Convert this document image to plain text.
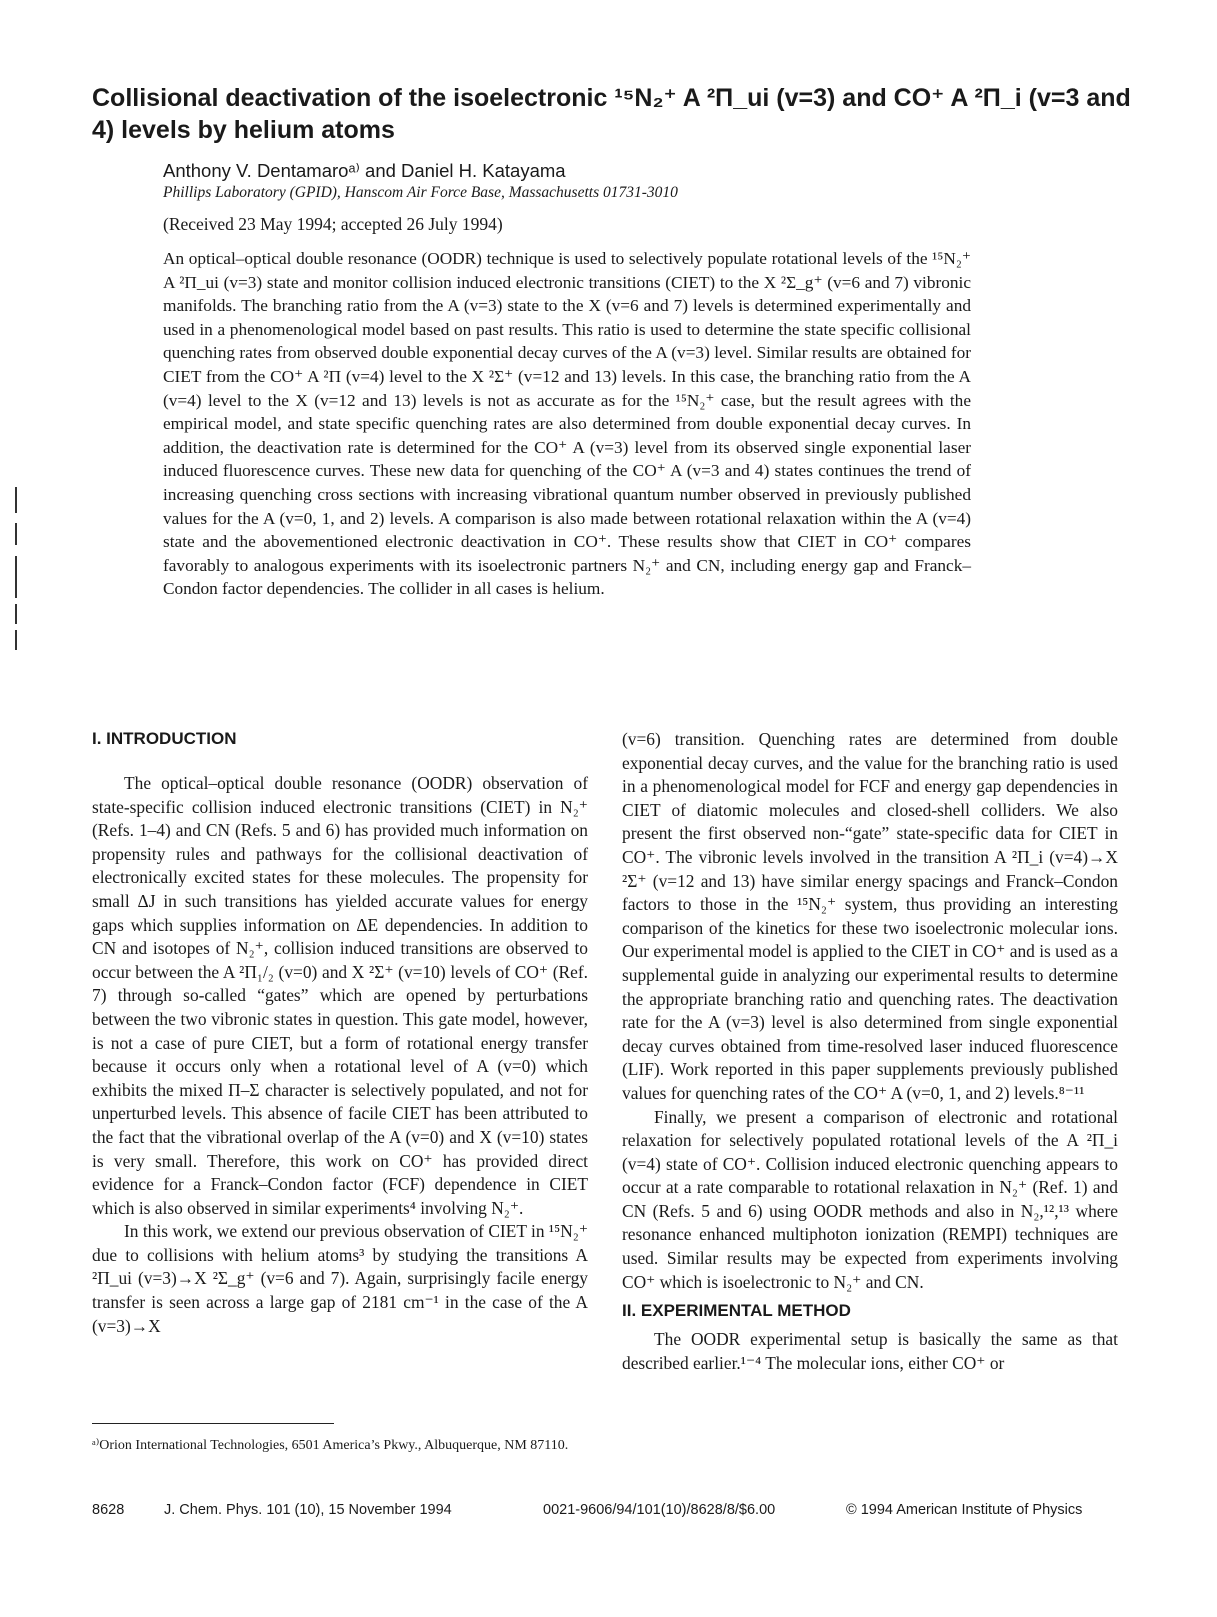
Collisional deactivation of the isoelectronic ¹⁵N₂⁺ A ²Π_ui (v=3) and CO⁺ A ²Π_i (v=3 and 4) levels by helium atoms
Anthony V. Dentamaroᵃ⁾ and Daniel H. Katayama
Phillips Laboratory (GPID), Hanscom Air Force Base, Massachusetts 01731-3010
(Received 23 May 1994; accepted 26 July 1994)
An optical–optical double resonance (OODR) technique is used to selectively populate rotational levels of the ¹⁵N₂⁺ A ²Π_ui (v=3) state and monitor collision induced electronic transitions (CIET) to the X ²Σ_g⁺ (v=6 and 7) vibronic manifolds. The branching ratio from the A (v=3) state to the X (v=6 and 7) levels is determined experimentally and used in a phenomenological model based on past results. This ratio is used to determine the state specific collisional quenching rates from observed double exponential decay curves of the A (v=3) level. Similar results are obtained for CIET from the CO⁺ A ²Π (v=4) level to the X ²Σ⁺ (v=12 and 13) levels. In this case, the branching ratio from the A (v=4) level to the X (v=12 and 13) levels is not as accurate as for the ¹⁵N₂⁺ case, but the result agrees with the empirical model, and state specific quenching rates are also determined from double exponential decay curves. In addition, the deactivation rate is determined for the CO⁺ A (v=3) level from its observed single exponential laser induced fluorescence curves. These new data for quenching of the CO⁺ A (v=3 and 4) states continues the trend of increasing quenching cross sections with increasing vibrational quantum number observed in previously published values for the A (v=0, 1, and 2) levels. A comparison is also made between rotational relaxation within the A (v=4) state and the abovementioned electronic deactivation in CO⁺. These results show that CIET in CO⁺ compares favorably to analogous experiments with its isoelectronic partners N₂⁺ and CN, including energy gap and Franck–Condon factor dependencies. The collider in all cases is helium.
I. INTRODUCTION

The optical–optical double resonance (OODR) observation of state-specific collision induced electronic transitions (CIET) in N₂⁺ (Refs. 1–4) and CN (Refs. 5 and 6) has provided much information on propensity rules and pathways for the collisional deactivation of electronically excited states for these molecules. The propensity for small ΔJ in such transitions has yielded accurate values for energy gaps which supplies information on ΔE dependencies. In addition to CN and isotopes of N₂⁺, collision induced transitions are observed to occur between the A ²Π₁/₂ (v=0) and X ²Σ⁺ (v=10) levels of CO⁺ (Ref. 7) through so-called “gates” which are opened by perturbations between the two vibronic states in question. This gate model, however, is not a case of pure CIET, but a form of rotational energy transfer because it occurs only when a rotational level of A (v=0) which exhibits the mixed Π–Σ character is selectively populated, and not for unperturbed levels. This absence of facile CIET has been attributed to the fact that the vibrational overlap of the A (v=0) and X (v=10) states is very small. Therefore, this work on CO⁺ has provided direct evidence for a Franck–Condon factor (FCF) dependence in CIET which is also observed in similar experiments⁴ involving N₂⁺.

In this work, we extend our previous observation of CIET in ¹⁵N₂⁺ due to collisions with helium atoms³ by studying the transitions A ²Π_ui (v=3)→X ²Σ_g⁺ (v=6 and 7). Again, surprisingly facile energy transfer is seen across a large gap of 2181 cm⁻¹ in the case of the A (v=3)→X

(v=6) transition. Quenching rates are determined from double exponential decay curves, and the value for the branching ratio is used in a phenomenological model for FCF and energy gap dependencies in CIET of diatomic molecules and closed-shell colliders. We also present the first observed non-“gate” state-specific data for CIET in CO⁺. The vibronic levels involved in the transition A ²Π_i (v=4)→X ²Σ⁺ (v=12 and 13) have similar energy spacings and Franck–Condon factors to those in the ¹⁵N₂⁺ system, thus providing an interesting comparison of the kinetics for these two isoelectronic molecular ions. Our experimental model is applied to the CIET in CO⁺ and is used as a supplemental guide in analyzing our experimental results to determine the appropriate branching ratio and quenching rates. The deactivation rate for the A (v=3) level is also determined from single exponential decay curves obtained from time-resolved laser induced fluorescence (LIF). Work reported in this paper supplements previously published values for quenching rates of the CO⁺ A (v=0, 1, and 2) levels.⁸⁻¹¹

Finally, we present a comparison of electronic and rotational relaxation for selectively populated rotational levels of the A ²Π_i (v=4) state of CO⁺. Collision induced electronic quenching appears to occur at a rate comparable to rotational relaxation in N₂⁺ (Ref. 1) and CN (Refs. 5 and 6) using OODR methods and also in N₂,¹²,¹³ where resonance enhanced multiphoton ionization (REMPI) techniques are used. Similar results may be expected from experiments involving CO⁺ which is isoelectronic to N₂⁺ and CN.

II. EXPERIMENTAL METHOD

The OODR experimental setup is basically the same as that described earlier.¹⁻⁴ The molecular ions, either CO⁺ or

ᵃ⁾Orion International Technologies, 6501 America’s Pkwy., Albuquerque, NM 87110.
8628	J. Chem. Phys. 101 (10), 15 November 1994	0021-9606/94/101(10)/8628/8/$6.00	© 1994 American Institute of Physics
